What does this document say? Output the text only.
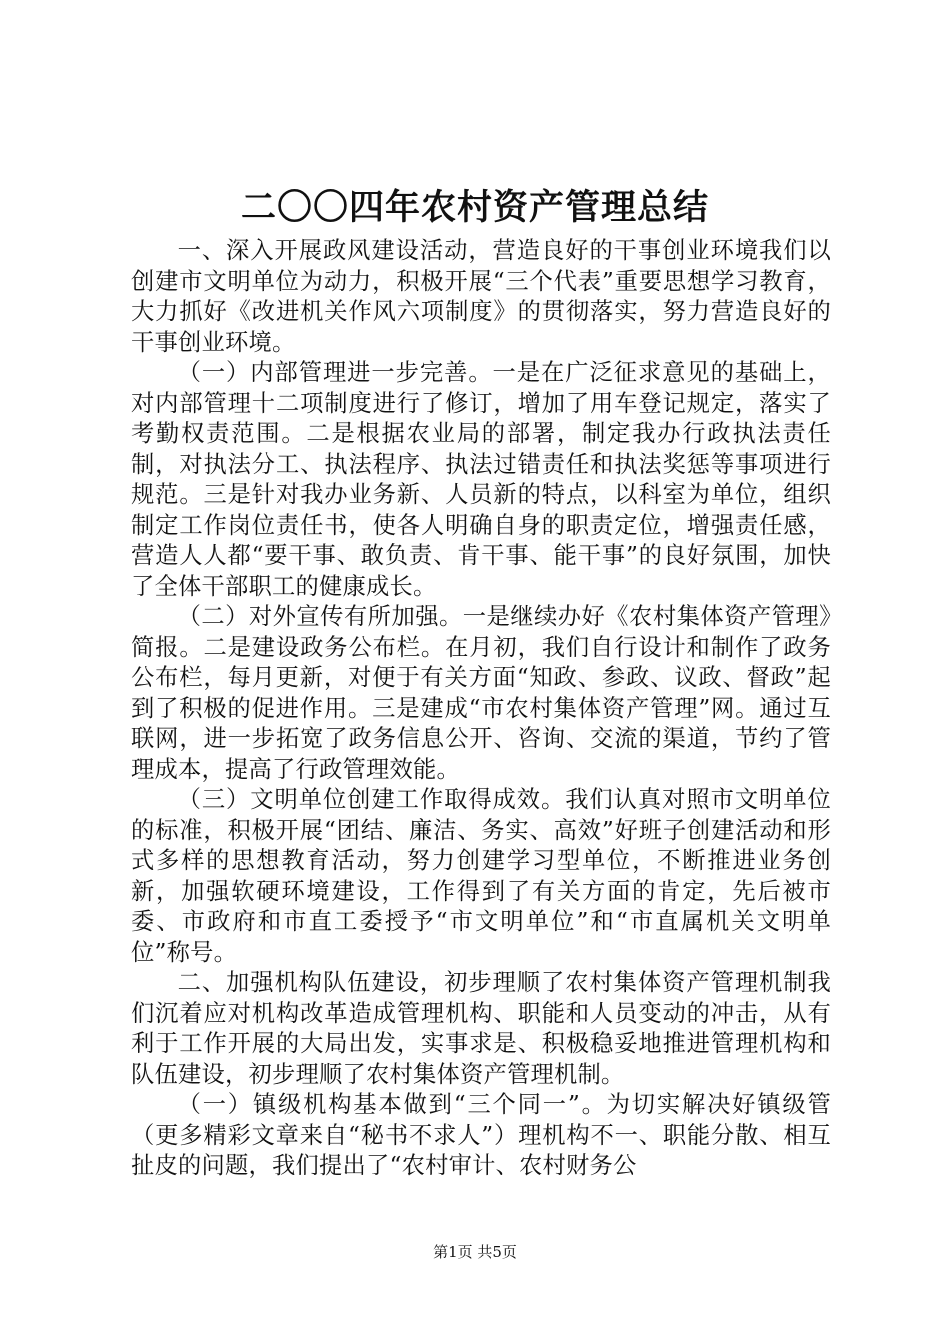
二〇〇四年农村资产管理总结

一、深入开展政风建设活动，营造良好的干事创业环境我们以创建市文明单位为动力，积极开展“三个代表”重要思想学习教育，大力抓好《改进机关作风六项制度》的贯彻落实，努力营造良好的干事创业环境。

（一）内部管理进一步完善。一是在广泛征求意见的基础上，对内部管理十二项制度进行了修订，增加了用车登记规定，落实了考勤权责范围。二是根据农业局的部署，制定我办行政执法责任制，对执法分工、执法程序、执法过错责任和执法奖惩等事项进行规范。三是针对我办业务新、人员新的特点，以科室为单位，组织制定工作岗位责任书，使各人明确自身的职责定位，增强责任感，营造人人都“要干事、敢负责、肯干事、能干事”的良好氛围，加快了全体干部职工的健康成长。

（二）对外宣传有所加强。一是继续办好《农村集体资产管理》简报。二是建设政务公布栏。在月初，我们自行设计和制作了政务公布栏，每月更新，对便于有关方面“知政、参政、议政、督政”起到了积极的促进作用。三是建成“市农村集体资产管理”网。通过互联网，进一步拓宽了政务信息公开、咨询、交流的渠道，节约了管理成本，提高了行政管理效能。

（三）文明单位创建工作取得成效。我们认真对照市文明单位的标准，积极开展“团结、廉洁、务实、高效”好班子创建活动和形式多样的思想教育活动，努力创建学习型单位，不断推进业务创新，加强软硬环境建设，工作得到了有关方面的肯定，先后被市委、市政府和市直工委授予“市文明单位”和“市直属机关文明单位”称号。

二、加强机构队伍建设，初步理顺了农村集体资产管理机制我们沉着应对机构改革造成管理机构、职能和人员变动的冲击，从有利于工作开展的大局出发，实事求是、积极稳妥地推进管理机构和队伍建设，初步理顺了农村集体资产管理机制。

（一）镇级机构基本做到“三个同一”。为切实解决好镇级管（更多精彩文章来自“秘书不求人”）理机构不一、职能分散、相互扯皮的问题，我们提出了“农村审计、农村财务公

第1页 共5页
